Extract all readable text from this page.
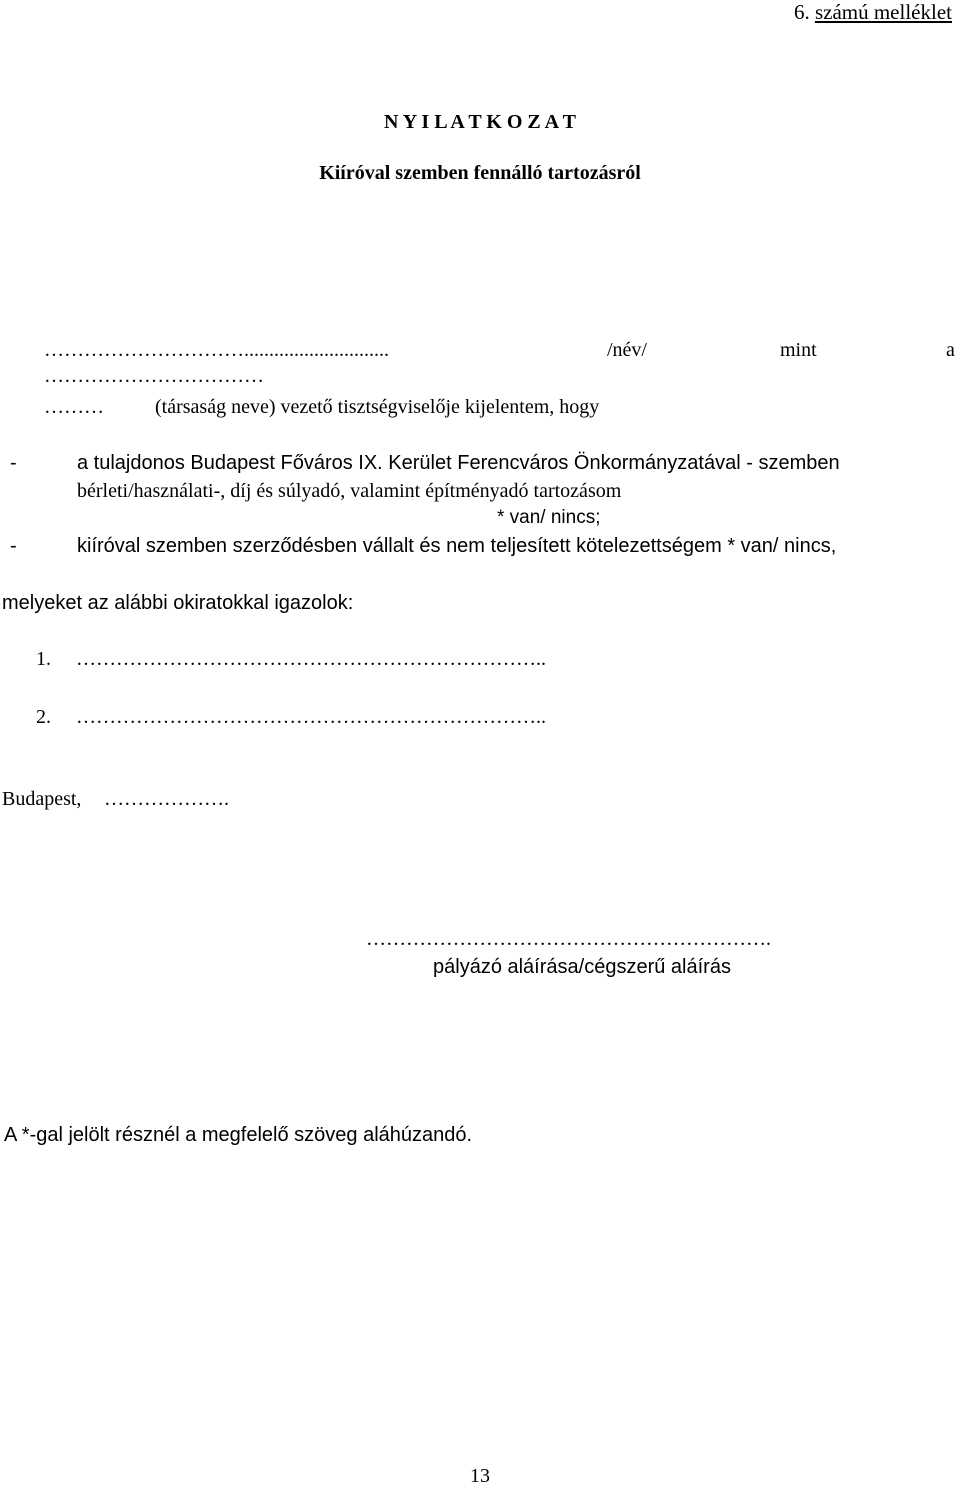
6. számú melléklet
N Y I L A T K O Z A T
Kiíróval szemben fennálló tartozásról
………………………….............................	/név/	mint	a
……………………………
………	(társaság neve) vezető tisztségviselője kijelentem, hogy
-	a tulajdonos Budapest Főváros IX. Kerület Ferencváros Önkormányzatával - szemben
bérleti/használati-, díj és súlyadó, valamint építményadó tartozásom
* van/ nincs;
-	kiíróval szemben szerződésben vállalt és nem teljesített kötelezettségem * van/ nincs,
melyeket az alábbi okiratokkal igazolok:
1. ……………………………………………………………..
2. ……………………………………………………………..
Budapest, ……………….
…………………………………………………….
pályázó aláírása/cégszerű aláírás
A *-gal jelölt résznél a megfelelő szöveg aláhúzandó.
13
